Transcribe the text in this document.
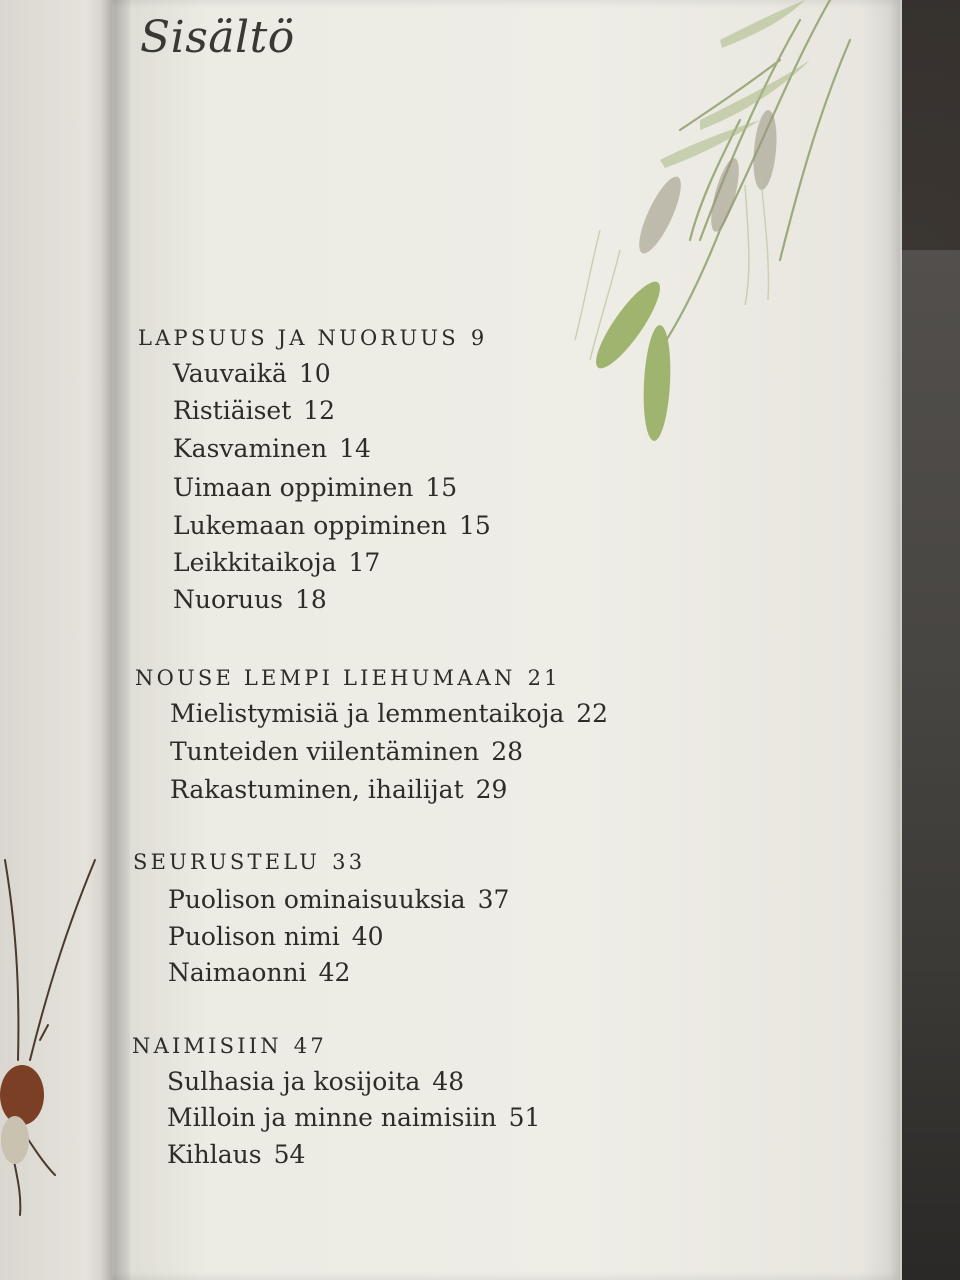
Sisältö
LAPSUUS JA NUORUUS 9
Vauvaikä 10
Ristiäiset 12
Kasvaminen 14
Uimaan oppiminen 15
Lukemaan oppiminen 15
Leikkitaikoja 17
Nuoruus 18
NOUSE LEMPI LIEHUMAAN 21
Mielistymisiä ja lemmentaikoja 22
Tunteiden viilentäminen 28
Rakastuminen, ihailijat 29
SEURUSTELU 33
Puolison ominaisuuksia 37
Puolison nimi 40
Naimaonni 42
NAIMISIIN 47
Sulhasia ja kosijoita 48
Milloin ja minne naimisiin 51
Kihlaus 54
